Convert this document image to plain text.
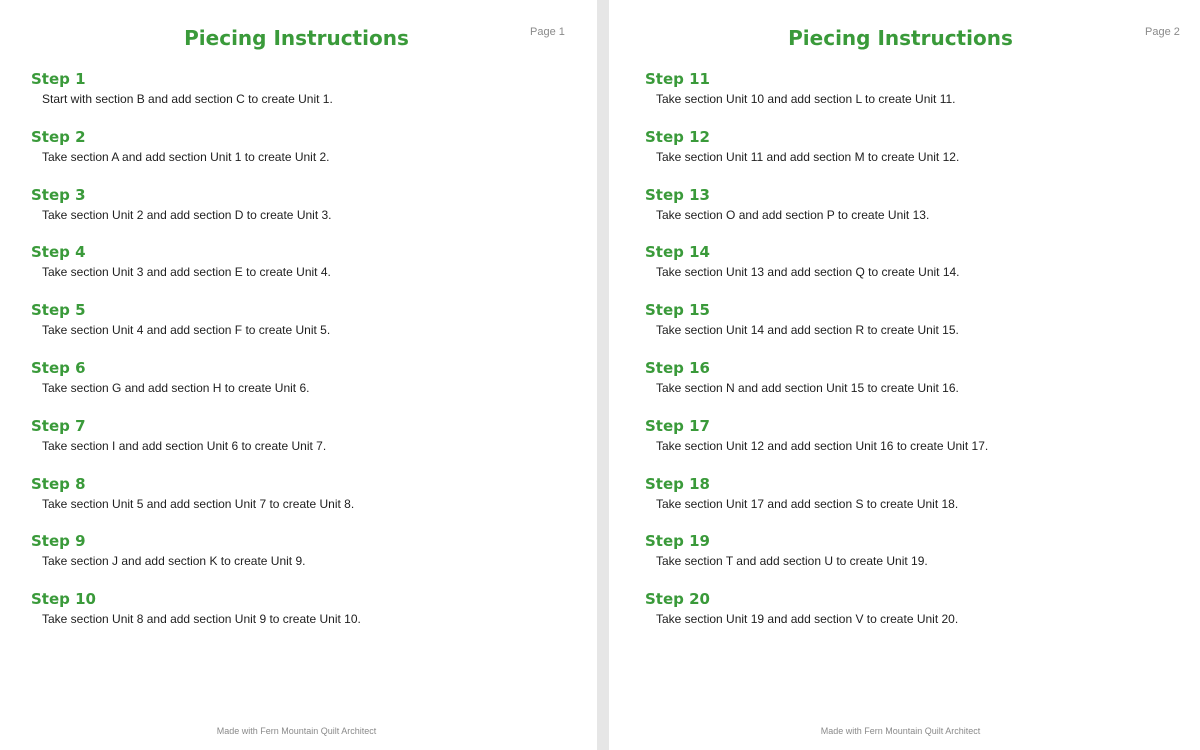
Piecing Instructions	Page 1
Step 1
Start with section B and add section C to create Unit 1.
Step 2
Take section A and add section Unit 1 to create Unit 2.
Step 3
Take section Unit 2 and add section D to create Unit 3.
Step 4
Take section Unit 3 and add section E to create Unit 4.
Step 5
Take section Unit 4 and add section F to create Unit 5.
Step 6
Take section G and add section H to create Unit 6.
Step 7
Take section I and add section Unit 6 to create Unit 7.
Step 8
Take section Unit 5 and add section Unit 7 to create Unit 8.
Step 9
Take section J and add section K to create Unit 9.
Step 10
Take section Unit 8 and add section Unit 9 to create Unit 10.
Made with Fern Mountain Quilt Architect
Piecing Instructions	Page 2
Step 11
Take section Unit 10 and add section L to create Unit 11.
Step 12
Take section Unit 11 and add section M to create Unit 12.
Step 13
Take section O and add section P to create Unit 13.
Step 14
Take section Unit 13 and add section Q to create Unit 14.
Step 15
Take section Unit 14 and add section R to create Unit 15.
Step 16
Take section N and add section Unit 15 to create Unit 16.
Step 17
Take section Unit 12 and add section Unit 16 to create Unit 17.
Step 18
Take section Unit 17 and add section S to create Unit 18.
Step 19
Take section T and add section U to create Unit 19.
Step 20
Take section Unit 19 and add section V to create Unit 20.
Made with Fern Mountain Quilt Architect
